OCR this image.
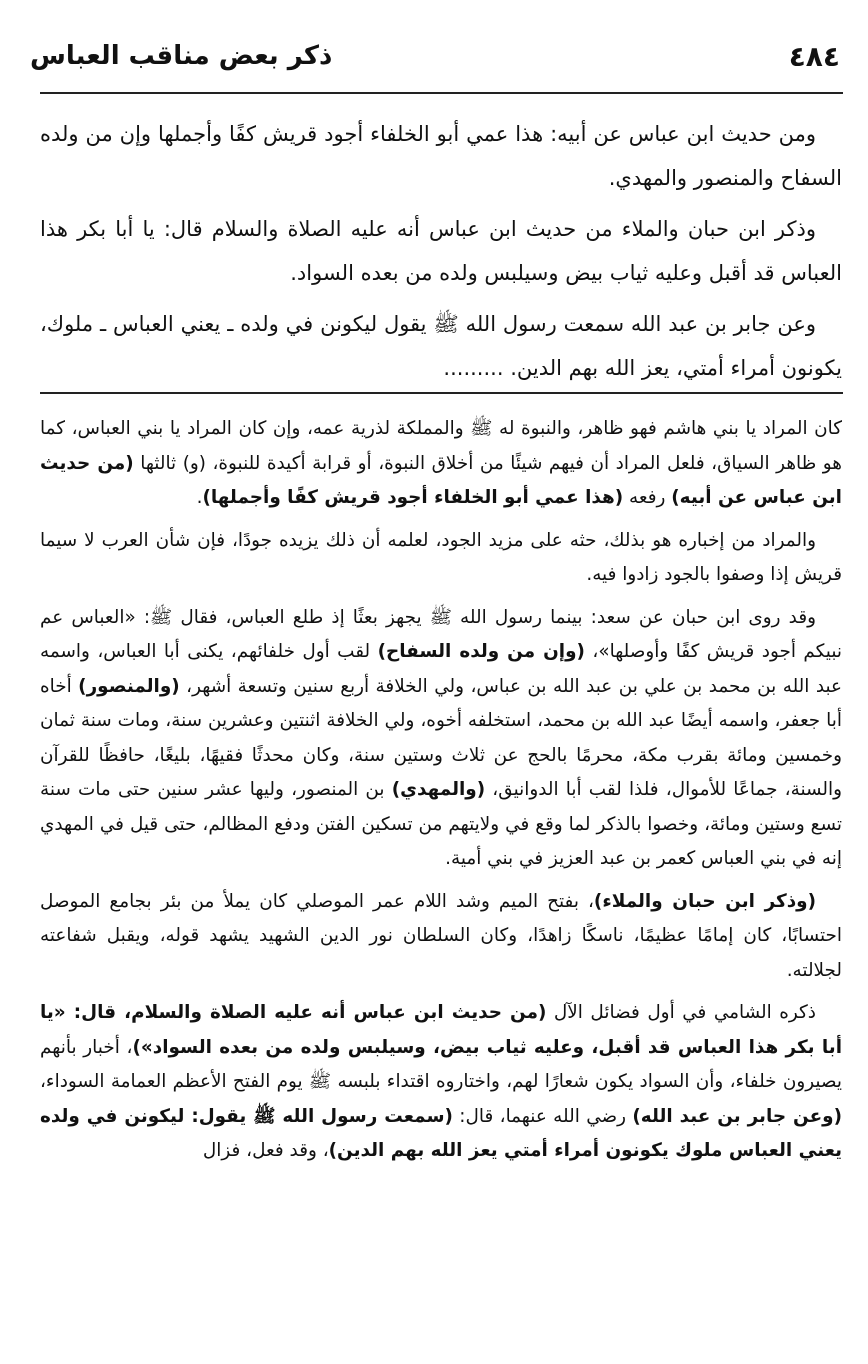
ذكر بعض مناقب العباس	٤٨٤

ومن حديث ابن عباس عن أبيه: هذا عمي أبو الخلفاء أجود قريش كفًا وأجملها وإن من ولده السفاح والمنصور والمهدي.

وذكر ابن حبان والملاء من حديث ابن عباس أنه عليه الصلاة والسلام قال: يا أبا بكر هذا العباس قد أقبل وعليه ثياب بيض وسيلبس ولده من بعده السواد.

وعن جابر بن عبد الله سمعت رسول الله ﷺ يقول ليكونن في ولده ـ يعني العباس ـ ملوك، يكونون أمراء أمتي، يعز الله بهم الدين. .........

كان المراد يا بني هاشم فهو ظاهر، والنبوة له ﷺ والمملكة لذرية عمه، وإن كان المراد يا بني العباس، كما هو ظاهر السياق، فلعل المراد أن فيهم شيئًا من أخلاق النبوة، أو قرابة أكيدة للنبوة، (و) ثالثها (من حديث ابن عباس عن أبيه) رفعه (هذا عمي أبو الخلفاء أجود قريش كفًا وأجملها).

والمراد من إخباره هو بذلك، حثه على مزيد الجود، لعلمه أن ذلك يزيده جودًا، فإن شأن العرب لا سيما قريش إذا وصفوا بالجود زادوا فيه.

وقد روى ابن حبان عن سعد: بينما رسول الله ﷺ يجهز بعثًا إذ طلع العباس، فقال ﷺ: «العباس عم نبيكم أجود قريش كفًا وأوصلها»، (وإن من ولده السفاح) لقب أول خلفائهم، يكنى أبا العباس، واسمه عبد الله بن محمد بن علي بن عبد الله بن عباس، ولي الخلافة أربع سنين وتسعة أشهر، (والمنصور) أخاه أبا جعفر، واسمه أيضًا عبد الله بن محمد، استخلفه أخوه، ولي الخلافة اثنتين وعشرين سنة، ومات سنة ثمان وخمسين ومائة بقرب مكة، محرمًا بالحج عن ثلاث وستين سنة، وكان محدثًا فقيهًا، بليغًا، حافظًا للقرآن والسنة، جماعًا للأموال، فلذا لقب أبا الدوانيق، (والمهدي) بن المنصور، وليها عشر سنين حتى مات سنة تسع وستين ومائة، وخصوا بالذكر لما وقع في ولايتهم من تسكين الفتن ودفع المظالم، حتى قيل في المهدي إنه في بني العباس كعمر بن عبد العزيز في بني أمية.

(وذكر ابن حبان والملاء)، بفتح الميم وشد اللام عمر الموصلي كان يملأ من بئر بجامع الموصل احتسابًا، كان إمامًا عظيمًا، ناسكًا زاهدًا، وكان السلطان نور الدين الشهيد يشهد قوله، ويقبل شفاعته لجلالته.

ذكره الشامي في أول فضائل الآل (من حديث ابن عباس أنه عليه الصلاة والسلام، قال: «يا أبا بكر هذا العباس قد أقبل، وعليه ثياب بيض، وسيلبس ولده من بعده السواد»)، أخبار بأنهم يصيرون خلفاء، وأن السواد يكون شعارًا لهم، واختاروه اقتداء بلبسه ﷺ يوم الفتح الأعظم العمامة السوداء، (وعن جابر بن عبد الله) رضي الله عنهما، قال: (سمعت رسول الله ﷺ يقول: ليكونن في ولده يعني العباس ملوك يكونون أمراء أمتي يعز الله بهم الدين)، وقد فعل، فزال
